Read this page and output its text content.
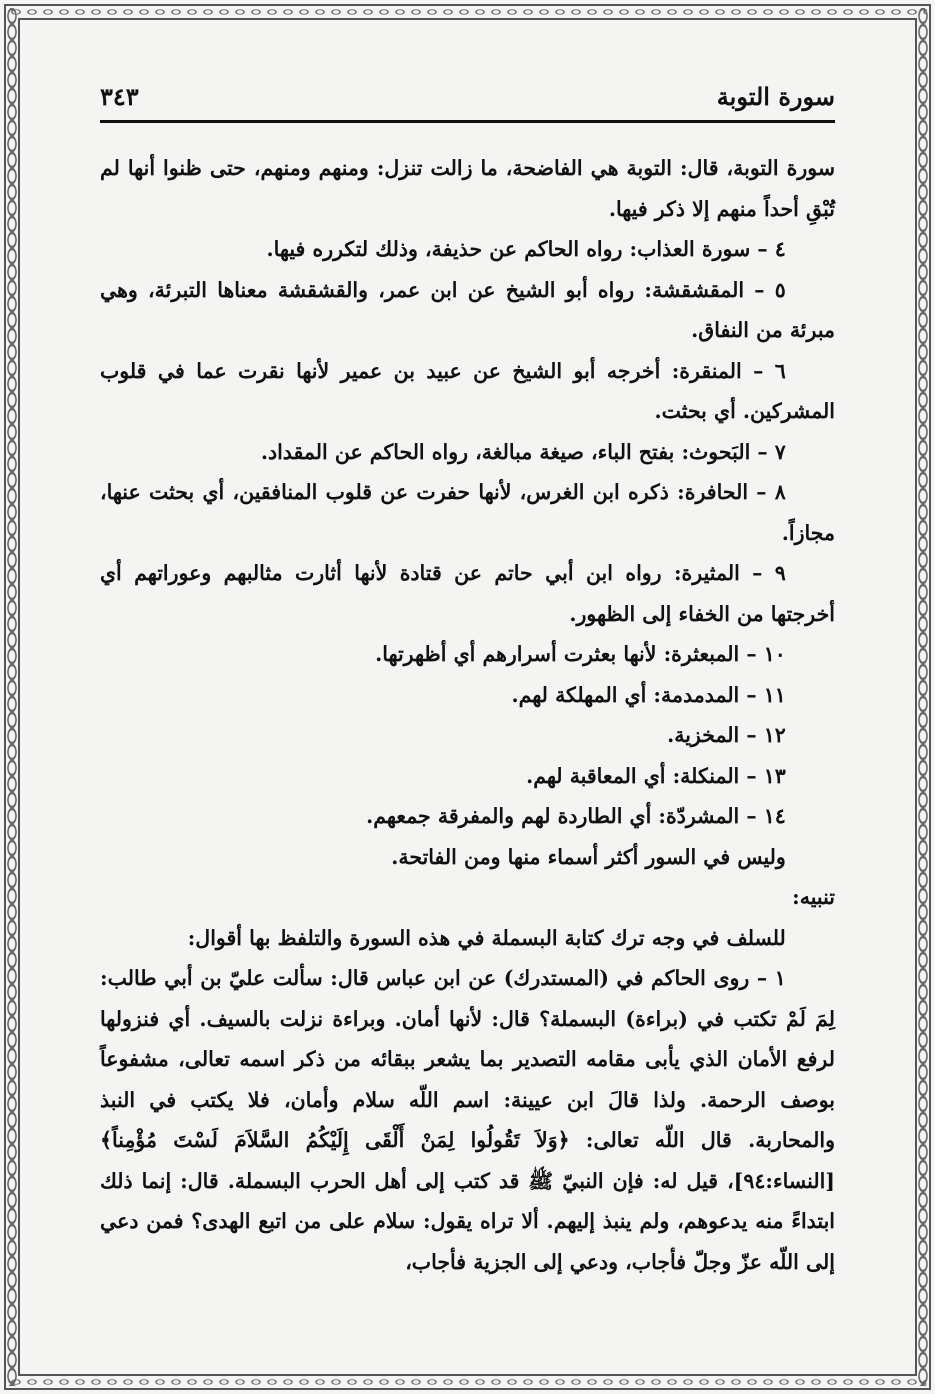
سورة التوبة
٣٤٣

سورة التوبة، قال: التوبة هي الفاضحة، ما زالت تنزل: ومنهم ومنهم، حتى ظنوا أنها لم تُبْقِ أحداً منهم إلا ذكر فيها.

٤ – سورة العذاب: رواه الحاكم عن حذيفة، وذلك لتكرره فيها.

٥ – المقشقشة: رواه أبو الشيخ عن ابن عمر، والقشقشة معناها التبرئة، وهي مبرئة من النفاق.

٦ – المنقرة: أخرجه أبو الشيخ عن عبيد بن عمير لأنها نقرت عما في قلوب المشركين. أي بحثت.

٧ – البَحوث: بفتح الباء، صيغة مبالغة، رواه الحاكم عن المقداد.

٨ – الحافرة: ذكره ابن الغرس، لأنها حفرت عن قلوب المنافقين، أي بحثت عنها، مجازاً.

٩ – المثيرة: رواه ابن أبي حاتم عن قتادة لأنها أثارت مثالبهم وعوراتهم أي أخرجتها من الخفاء إلى الظهور.

١٠ – المبعثرة: لأنها بعثرت أسرارهم أي أظهرتها.

١١ – المدمدمة: أي المهلكة لهم.

١٢ – المخزية.

١٣ – المنكلة: أي المعاقبة لهم.

١٤ – المشردّة: أي الطاردة لهم والمفرقة جمعهم.

وليس في السور أكثر أسماء منها ومن الفاتحة.

تنبيه:

للسلف في وجه ترك كتابة البسملة في هذه السورة والتلفظ بها أقوال:

١ – روى الحاكم في (المستدرك) عن ابن عباس قال: سألت عليّ بن أبي طالب: لِمَ لَمْ تكتب في (براءة) البسملة؟ قال: لأنها أمان. وبراءة نزلت بالسيف. أي فنزولها لرفع الأمان الذي يأبى مقامه التصدير بما يشعر ببقائه من ذكر اسمه تعالى، مشفوعاً بوصف الرحمة. ولذا قالَ ابن عيينة: اسم اللّه سلام وأمان، فلا يكتب في النبذ والمحاربة. قال اللّه تعالى: ﴿وَلاَ تَقُولُوا لِمَنْ أَلْقَى إِلَيْكُمُ السَّلاَمَ لَسْتَ مُؤْمِناً﴾ [النساء:٩٤]، قيل له: فإن النبيّ ﷺ قد كتب إلى أهل الحرب البسملة. قال: إنما ذلك ابتداءً منه يدعوهم، ولم ينبذ إليهم. ألا تراه يقول: سلام على من اتبع الهدى؟ فمن دعي إلى اللّه عزّ وجلّ فأجاب، ودعي إلى الجزية فأجاب،
